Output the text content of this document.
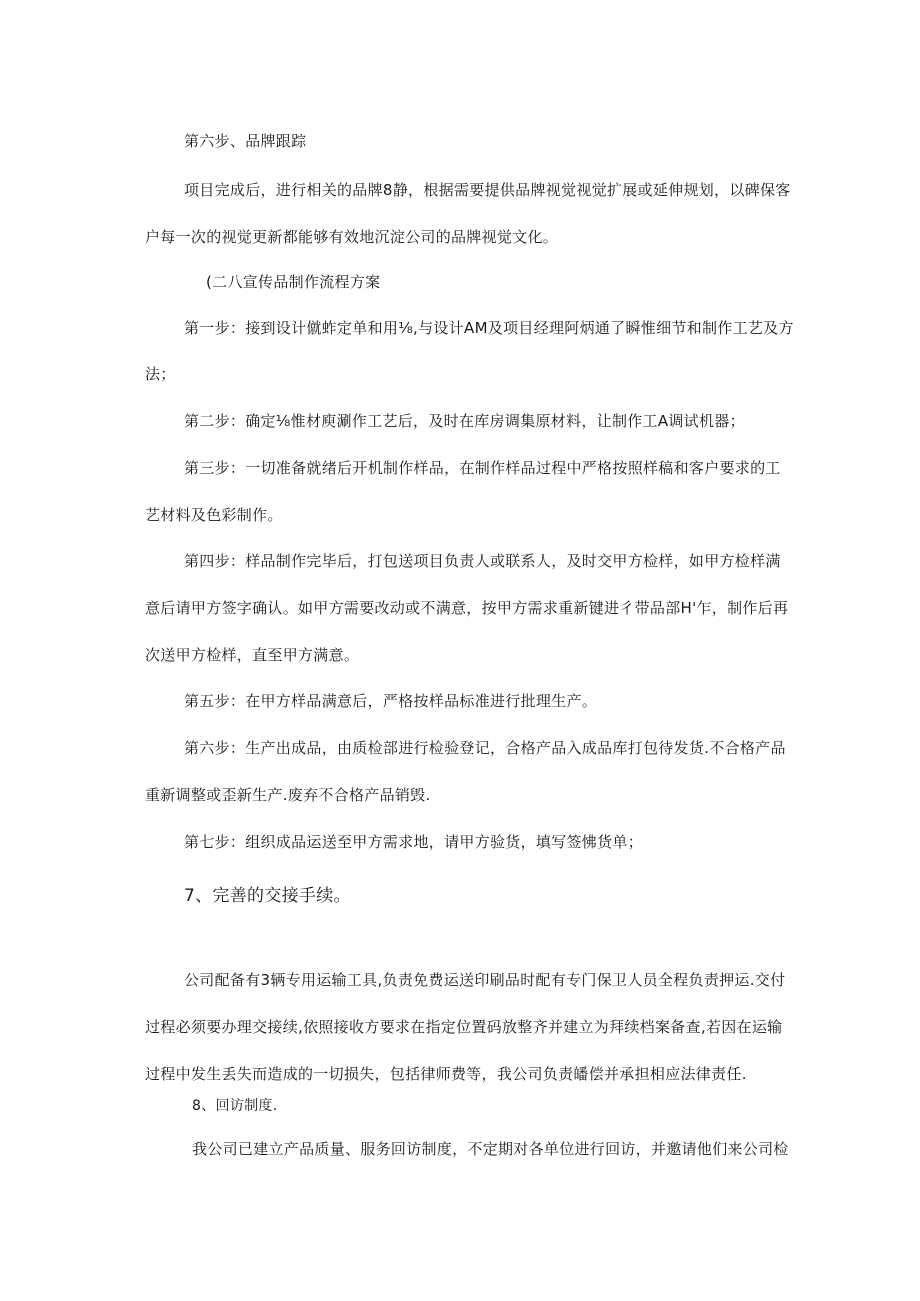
第六步、品牌跟踪

项目完成后，进行相关的品牌8静，根据需要提供品牌视觉视觉扩展或延伸规划，以碑保客

户每一次的视觉更新都能够有效地沉淀公司的品牌视觉文化。

(二八宣传品制作流程方案

第一步：接到设计僦蚱定单和用⅛,与设计AM及项目经理阿炳通了瞬惟细节和制作工艺及方

法；

第二步：确定⅛惟材庾涮作工艺后，及时在库房调集原材料，让制作工A调试机器；

第三步：一切准备就绪后开机制作样品，在制作样品过程中严格按照样稿和客户要求的工

艺材料及色彩制作。

第四步：样品制作完毕后，打包送项目负责人或联系人，及时交甲方检样，如甲方检样满

意后请甲方签字确认。如甲方需要改动或不满意，按甲方需求重新键进彳带品部H'乍，制作后再

次送甲方检样，直至甲方满意。

第五步：在甲方样品满意后，严格按样品标准进行批理生产。

第六步：生产出成品，由质检部进行检验登记，合格产品入成品库打包待发货.不合格产品

重新调整或歪新生产.废弃不合格产品销毁.

第七步：组织成品运送至甲方需求地，请甲方验货，填写签怫货单；

7、完善的交接手续。

公司配备有3辆专用运输工具,负责免费运送印刷品时配有专门保卫人员全程负责押运.交付

过程必须要办理交接续,依照接收方要求在指定位置码放整齐并建立为拜续档案备查,若因在运输

过程中发生丢失而造成的一切损失，包括律师费等，我公司负责皤偿并承担相应法律责任.

8、回访制度.

我公司已建立产品质量、服务回访制度，不定期对各单位进行回访，并邀请他们来公司检
